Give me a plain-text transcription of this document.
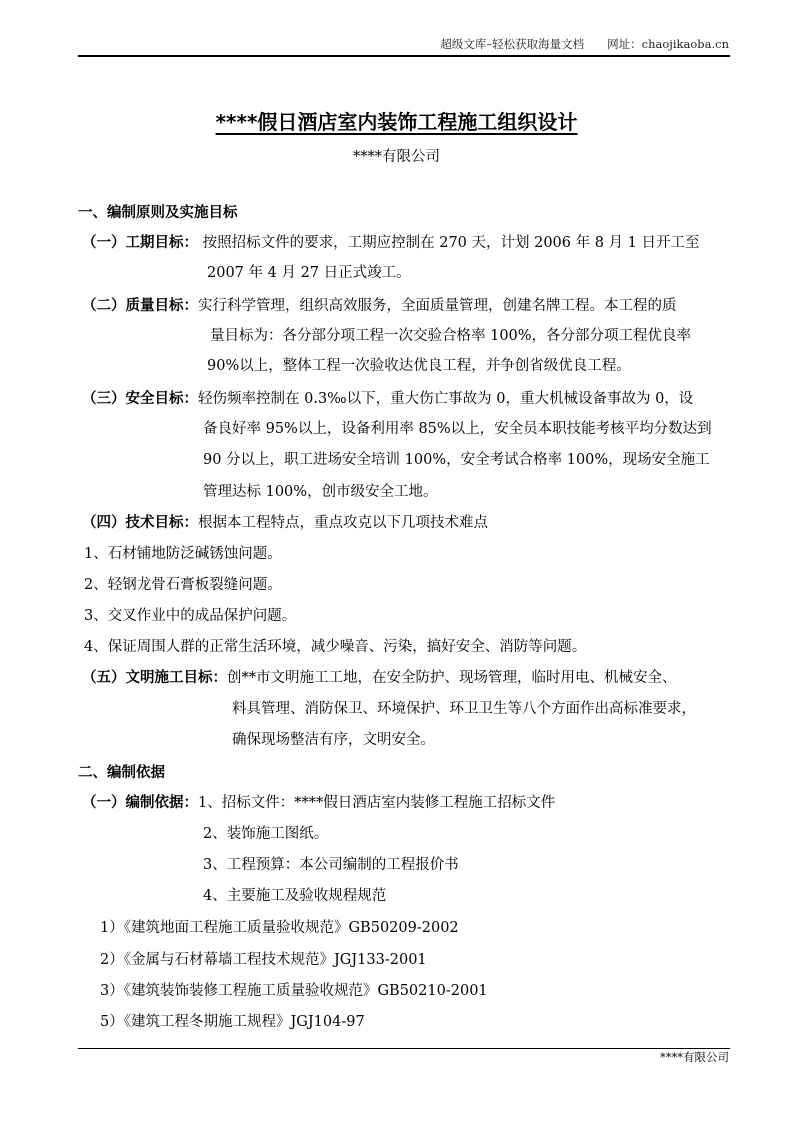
超级文库–轻松获取海量文档　　网址：chaojikaoba.cn
****假日酒店室内装饰工程施工组织设计
****有限公司
一、编制原则及实施目标
（一）工期目标： 按照招标文件的要求，工期应控制在 270 天，计划 2006 年 8 月 1 日开工至
2007 年 4 月 27 日正式竣工。
（二）质量目标：实行科学管理，组织高效服务，全面质量管理，创建名牌工程。本工程的质
量目标为：各分部分项工程一次交验合格率 100%，各分部分项工程优良率
90%以上，整体工程一次验收达优良工程，并争创省级优良工程。
（三）安全目标：轻伤频率控制在 0.3‰以下，重大伤亡事故为 0，重大机械设备事故为 0，设
备良好率 95%以上，设备利用率 85%以上，安全员本职技能考核平均分数达到
90 分以上，职工进场安全培训 100%，安全考试合格率 100%，现场安全施工
管理达标 100%，创市级安全工地。
（四）技术目标：根据本工程特点，重点攻克以下几项技术难点
1、石材铺地防泛碱锈蚀问题。
2、轻钢龙骨石膏板裂缝问题。
3、交叉作业中的成品保护问题。
4、保证周围人群的正常生活环境，减少噪音、污染，搞好安全、消防等问题。
（五）文明施工目标：创**市文明施工工地，在安全防护、现场管理，临时用电、机械安全、
料具管理、消防保卫、环境保护、环卫卫生等八个方面作出高标准要求，
确保现场整洁有序，文明安全。
二、编制依据
（一）编制依据：1、招标文件：****假日酒店室内装修工程施工招标文件
2、装饰施工图纸。
3、工程预算：本公司编制的工程报价书
4、主要施工及验收规程规范
1）《建筑地面工程施工质量验收规范》GB50209-2002
2）《金属与石材幕墙工程技术规范》JGJ133-2001
3）《建筑装饰装修工程施工质量验收规范》GB50210-2001
5）《建筑工程冬期施工规程》JGJ104-97
****有限公司
